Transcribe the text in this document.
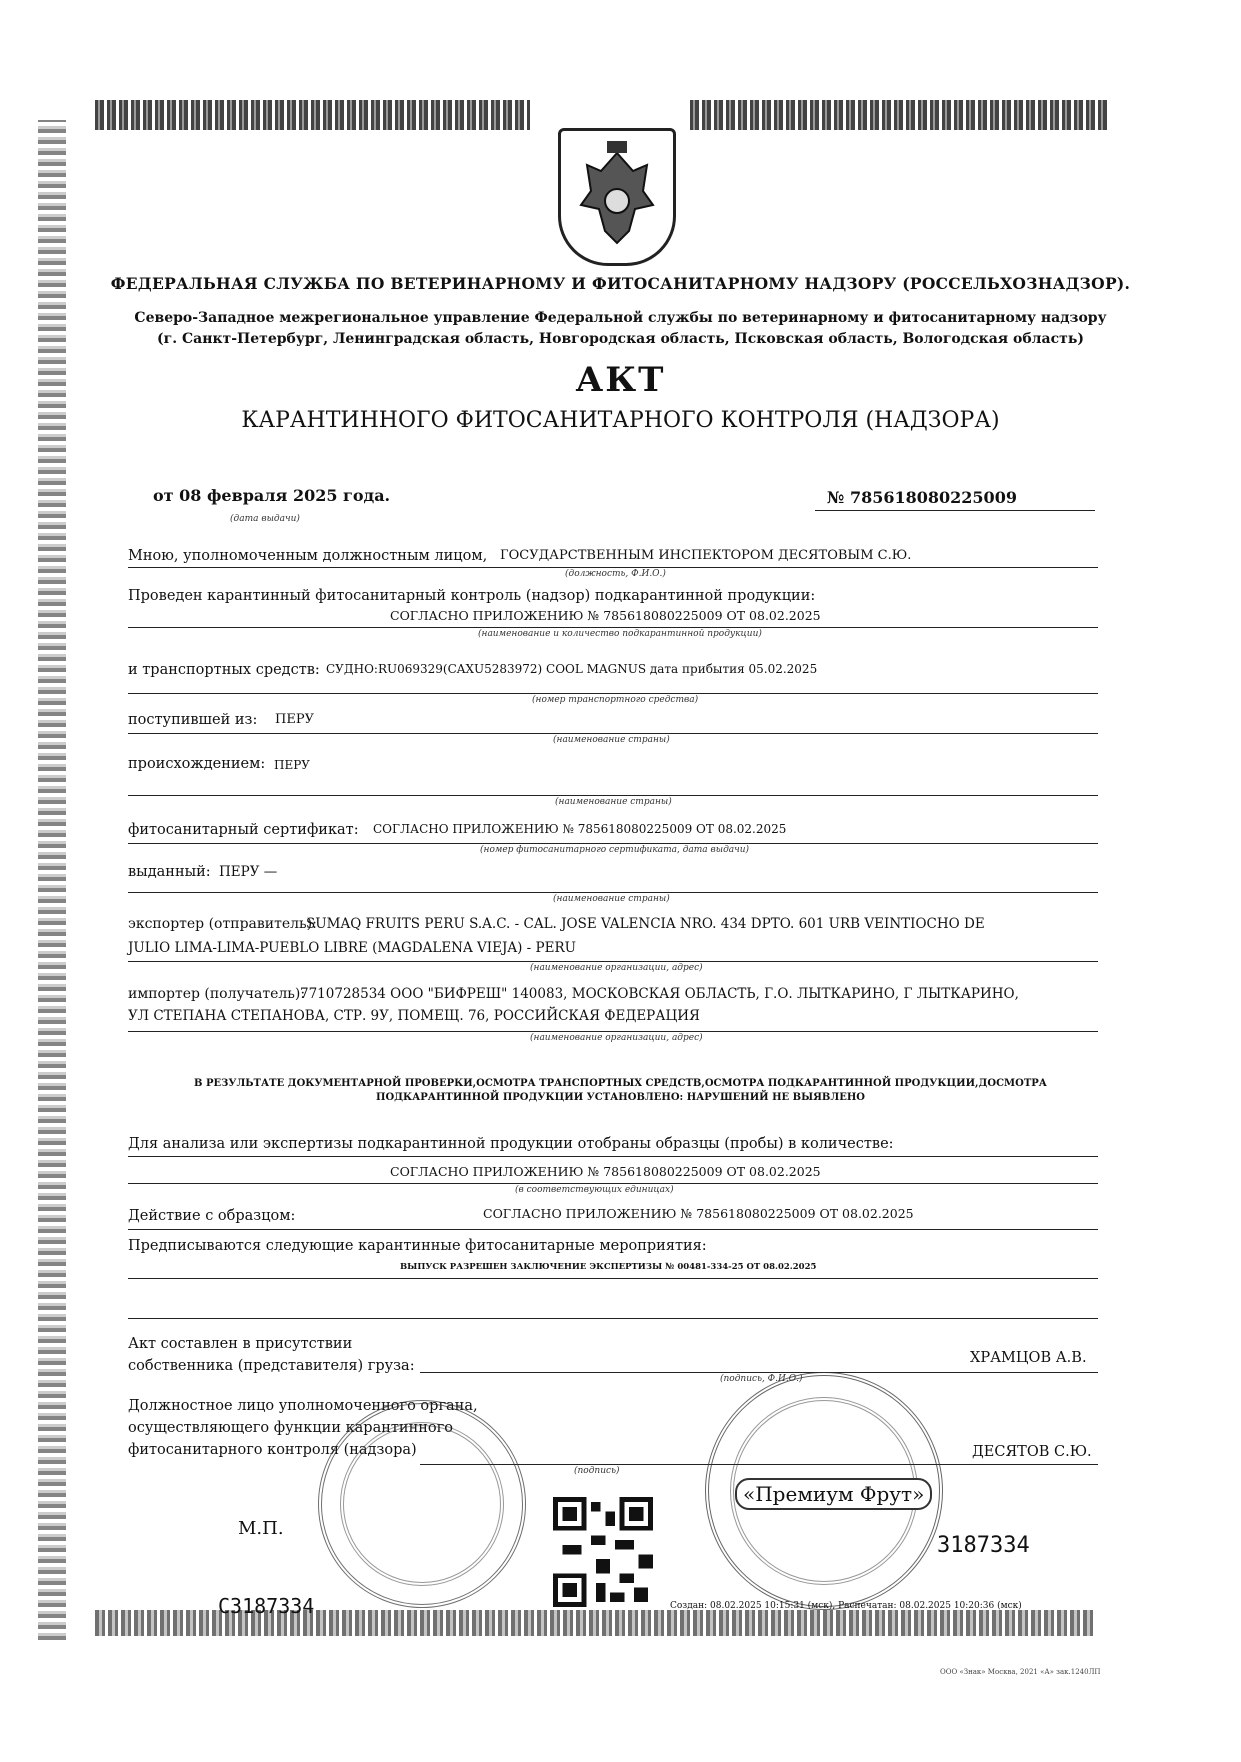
ФЕДЕРАЛЬНАЯ СЛУЖБА ПО ВЕТЕРИНАРНОМУ И ФИТОСАНИТАРНОМУ НАДЗОРУ (РОССЕЛЬХОЗНАДЗОР).
Северо-Западное межрегиональное управление Федеральной службы по ветеринарному и фитосанитарному надзору
(г. Санкт-Петербург, Ленинградская область, Новгородская область, Псковская область, Вологодская область)
АКТ
КАРАНТИННОГО ФИТОСАНИТАРНОГО КОНТРОЛЯ (НАДЗОРА)
от 08 февраля 2025 года.
(дата выдачи)
№ 785618080225009
Мною, уполномоченным должностным лицом, ГОСУДАРСТВЕННЫМ ИНСПЕКТОРОМ ДЕСЯТОВЫМ С.Ю.
(должность, Ф.И.О.)
Проведен карантинный фитосанитарный контроль (надзор) подкарантинной продукции:
СОГЛАСНО ПРИЛОЖЕНИЮ № 785618080225009 ОТ 08.02.2025
(наименование и количество подкарантинной продукции)
и транспортных средств: СУДНО:RU069329(CAXU5283972) COOL MAGNUS дата прибытия 05.02.2025
(номер транспортного средства)
поступившей из: ПЕРУ
(наименование страны)
происхождением: ПЕРУ
(наименование страны)
фитосанитарный сертификат: СОГЛАСНО ПРИЛОЖЕНИЮ № 785618080225009 ОТ 08.02.2025
(номер фитосанитарного сертификата, дата выдачи)
выданный: ПЕРУ —
(наименование страны)
экспортер (отправитель):
SUMAQ FRUITS PERU S.A.C. - CAL. JOSE VALENCIA NRO. 434 DPTO. 601 URB VEINTIOCHO DE
JULIO LIMA-LIMA-PUEBLO LIBRE (MAGDALENA VIEJA) - PERU
(наименование организации, адрес)
импортер (получатель):
7710728534 ООО "БИФРЕШ" 140083, МОСКОВСКАЯ ОБЛАСТЬ, Г.О. ЛЫТКАРИНО, Г ЛЫТКАРИНО,
УЛ СТЕПАНА СТЕПАНОВА, СТР. 9У, ПОМЕЩ. 76, РОССИЙСКАЯ ФЕДЕРАЦИЯ
(наименование организации, адрес)
В РЕЗУЛЬТАТЕ ДОКУМЕНТАРНОЙ ПРОВЕРКИ,ОСМОТРА ТРАНСПОРТНЫХ СРЕДСТВ,ОСМОТРА ПОДКАРАНТИННОЙ ПРОДУКЦИИ,ДОСМОТРА
ПОДКАРАНТИННОЙ ПРОДУКЦИИ УСТАНОВЛЕНО: НАРУШЕНИЙ НЕ ВЫЯВЛЕНО
Для анализа или экспертизы подкарантинной продукции отобраны образцы (пробы) в количестве:
СОГЛАСНО ПРИЛОЖЕНИЮ № 785618080225009 ОТ 08.02.2025
(в соответствующих единицах)
Действие с образцом:	СОГЛАСНО ПРИЛОЖЕНИЮ № 785618080225009 ОТ 08.02.2025
Предписываются следующие карантинные фитосанитарные мероприятия:
ВЫПУСК РАЗРЕШЕН ЗАКЛЮЧЕНИЕ ЭКСПЕРТИЗЫ № 00481-334-25 ОТ 08.02.2025
Акт составлен в присутствии
собственника (представителя) груза:	ХРАМЦОВ А.В.
(подпись, Ф.И.О.)
Должностное лицо уполномоченного органа,
осуществляющего функции карантинного
фитосанитарного контроля (надзора)	ДЕСЯТОВ С.Ю.
(подпись)
«Премиум Фрут»
М.П.
С3187334
3187334
Создан: 08.02.2025 10:15:31 (мск), Распечатан: 08.02.2025 10:20:36 (мск)
ООО «Знак» Москва, 2021 «А» зак.1240ЛП
